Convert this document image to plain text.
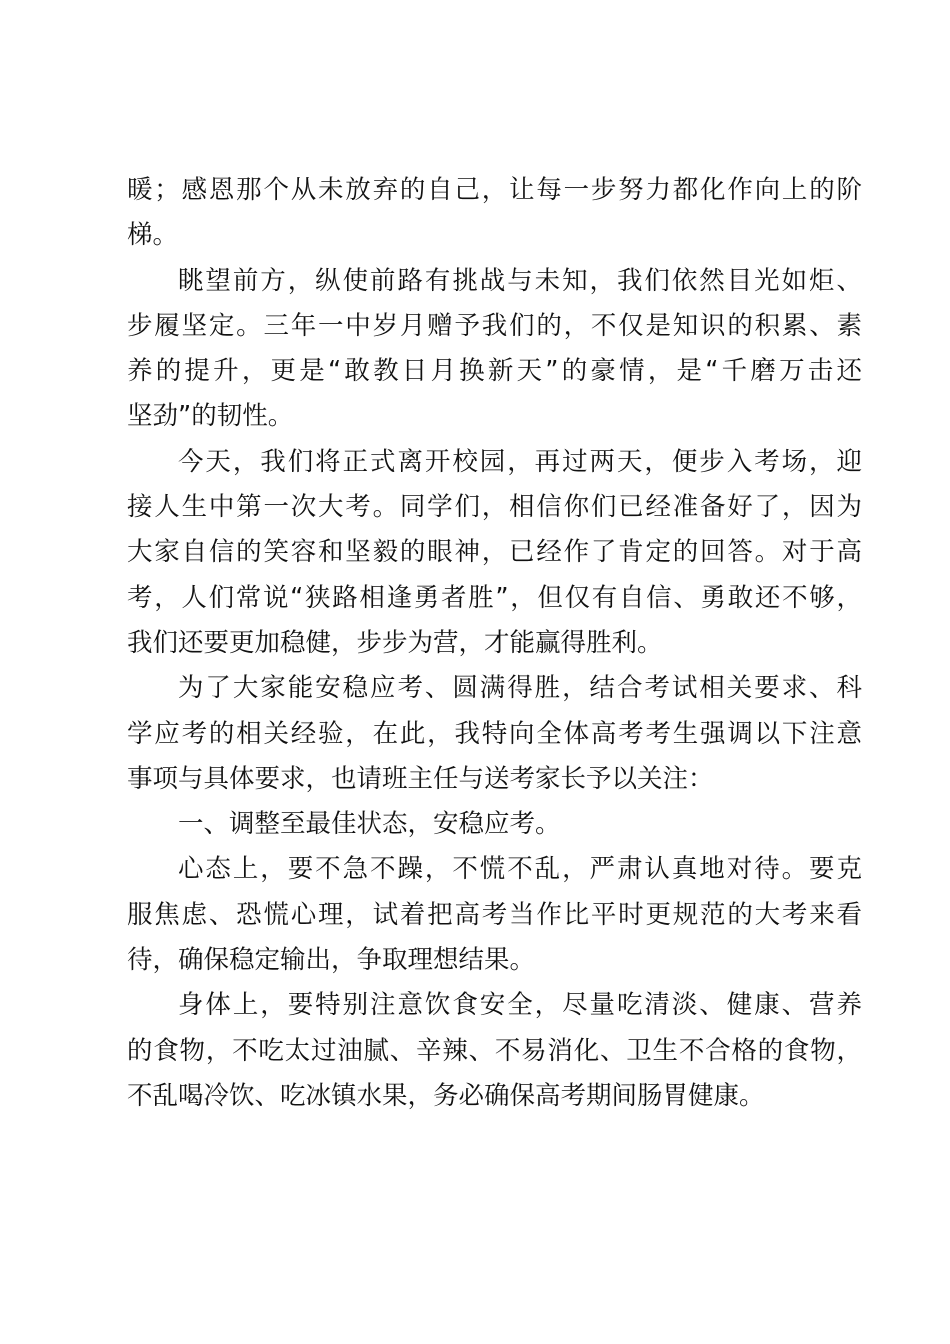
暖；感恩那个从未放弃的自己，让每一步努力都化作向上的阶
梯。
眺望前方，纵使前路有挑战与未知，我们依然目光如炬、
步履坚定。三年一中岁月赠予我们的，不仅是知识的积累、素
养的提升，更是“敢教日月换新天”的豪情，是“千磨万击还
坚劲”的韧性。
今天，我们将正式离开校园，再过两天，便步入考场，迎
接人生中第一次大考。同学们，相信你们已经准备好了，因为
大家自信的笑容和坚毅的眼神，已经作了肯定的回答。对于高
考，人们常说“狭路相逢勇者胜”，但仅有自信、勇敢还不够，
我们还要更加稳健，步步为营，才能赢得胜利。
为了大家能安稳应考、圆满得胜，结合考试相关要求、科
学应考的相关经验，在此，我特向全体高考考生强调以下注意
事项与具体要求，也请班主任与送考家长予以关注：
一、调整至最佳状态，安稳应考。
心态上，要不急不躁，不慌不乱，严肃认真地对待。要克
服焦虑、恐慌心理，试着把高考当作比平时更规范的大考来看
待，确保稳定输出，争取理想结果。
身体上，要特别注意饮食安全，尽量吃清淡、健康、营养
的食物，不吃太过油腻、辛辣、不易消化、卫生不合格的食物，
不乱喝冷饮、吃冰镇水果，务必确保高考期间肠胃健康。
